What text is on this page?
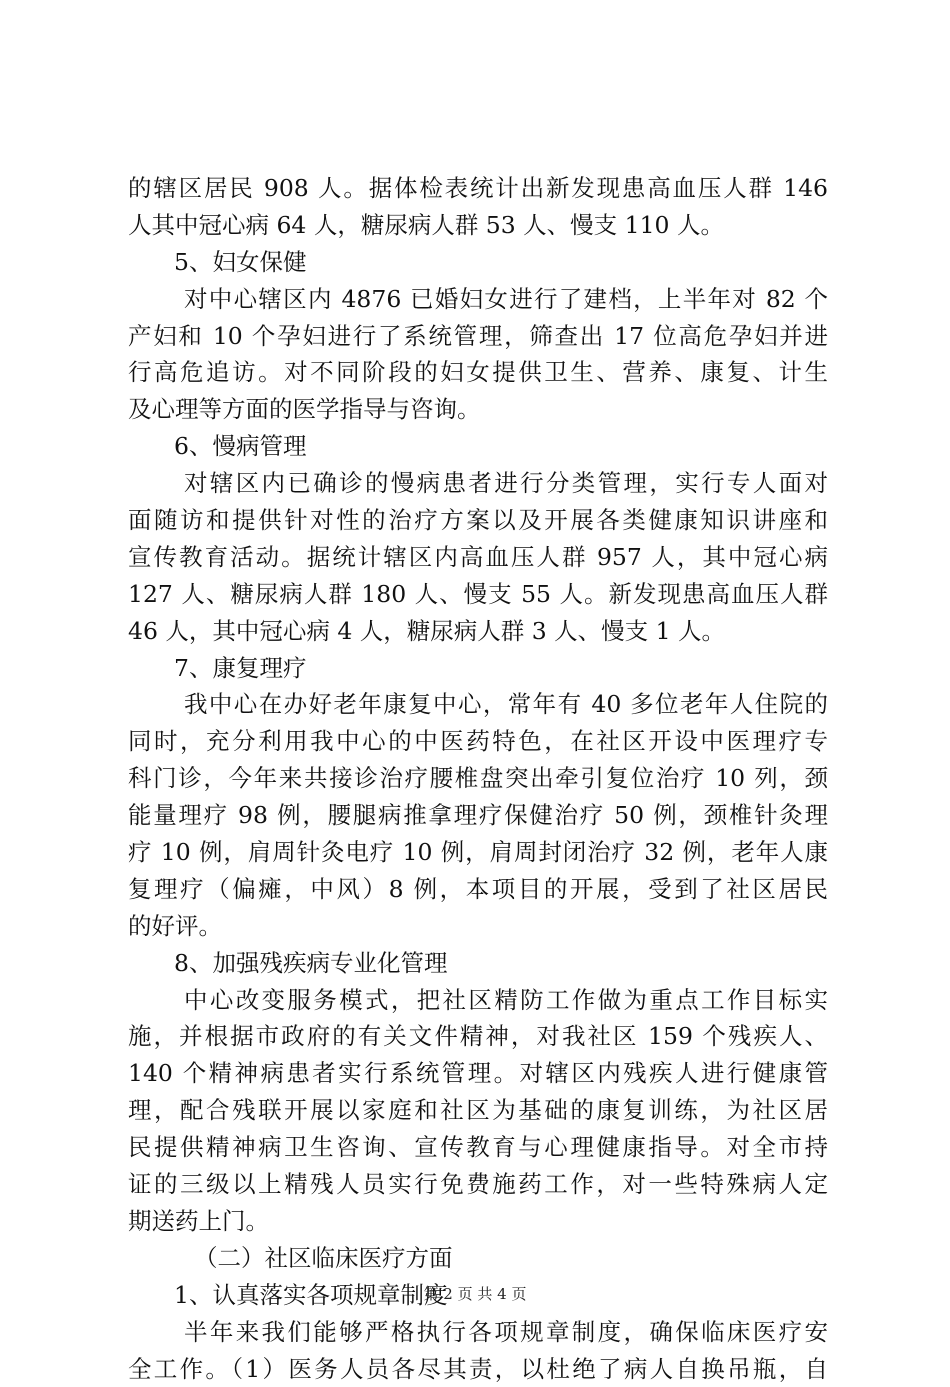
的辖区居民 908 人。据体检表统计出新发现患高血压人群 146

人其中冠心病 64 人，糖尿病人群 53 人、慢支 110 人。

5、妇女保健

对中心辖区内 4876 已婚妇女进行了建档，上半年对 82 个

产妇和 10 个孕妇进行了系统管理，筛查出 17 位高危孕妇并进

行高危追访。对不同阶段的妇女提供卫生、营养、康复、计生

及心理等方面的医学指导与咨询。

6、慢病管理

对辖区内已确诊的慢病患者进行分类管理，实行专人面对

面随访和提供针对性的治疗方案以及开展各类健康知识讲座和

宣传教育活动。据统计辖区内高血压人群 957 人，其中冠心病

127 人、糖尿病人群 180 人、慢支 55 人。新发现患高血压人群

46 人，其中冠心病 4 人，糖尿病人群 3 人、慢支 1 人。

7、康复理疗

我中心在办好老年康复中心，常年有 40 多位老年人住院的

同时，充分利用我中心的中医药特色，在社区开设中医理疗专

科门诊，今年来共接诊治疗腰椎盘突出牵引复位治疗 10 列，颈

能量理疗 98 例，腰腿病推拿理疗保健治疗 50 例，颈椎针灸理

疗 10 例，肩周针灸电疗 10 例，肩周封闭治疗 32 例，老年人康

复理疗（偏瘫，中风）8 例，本项目的开展，受到了社区居民

的好评。

8、加强残疾病专业化管理

中心改变服务模式，把社区精防工作做为重点工作目标实

施，并根据市政府的有关文件精神，对我社区 159 个残疾人、

140 个精神病患者实行系统管理。对辖区内残疾人进行健康管

理，配合残联开展以家庭和社区为基础的康复训练，为社区居

民提供精神病卫生咨询、宣传教育与心理健康指导。对全市持

证的三级以上精残人员实行免费施药工作，对一些特殊病人定

期送药上门。

（二）社区临床医疗方面

1、认真落实各项规章制度

半年来我们能够严格执行各项规章制度，确保临床医疗安

全工作。（1）医务人员各尽其责，以杜绝了病人自换吊瓶，自

第 2 页 共 4 页
